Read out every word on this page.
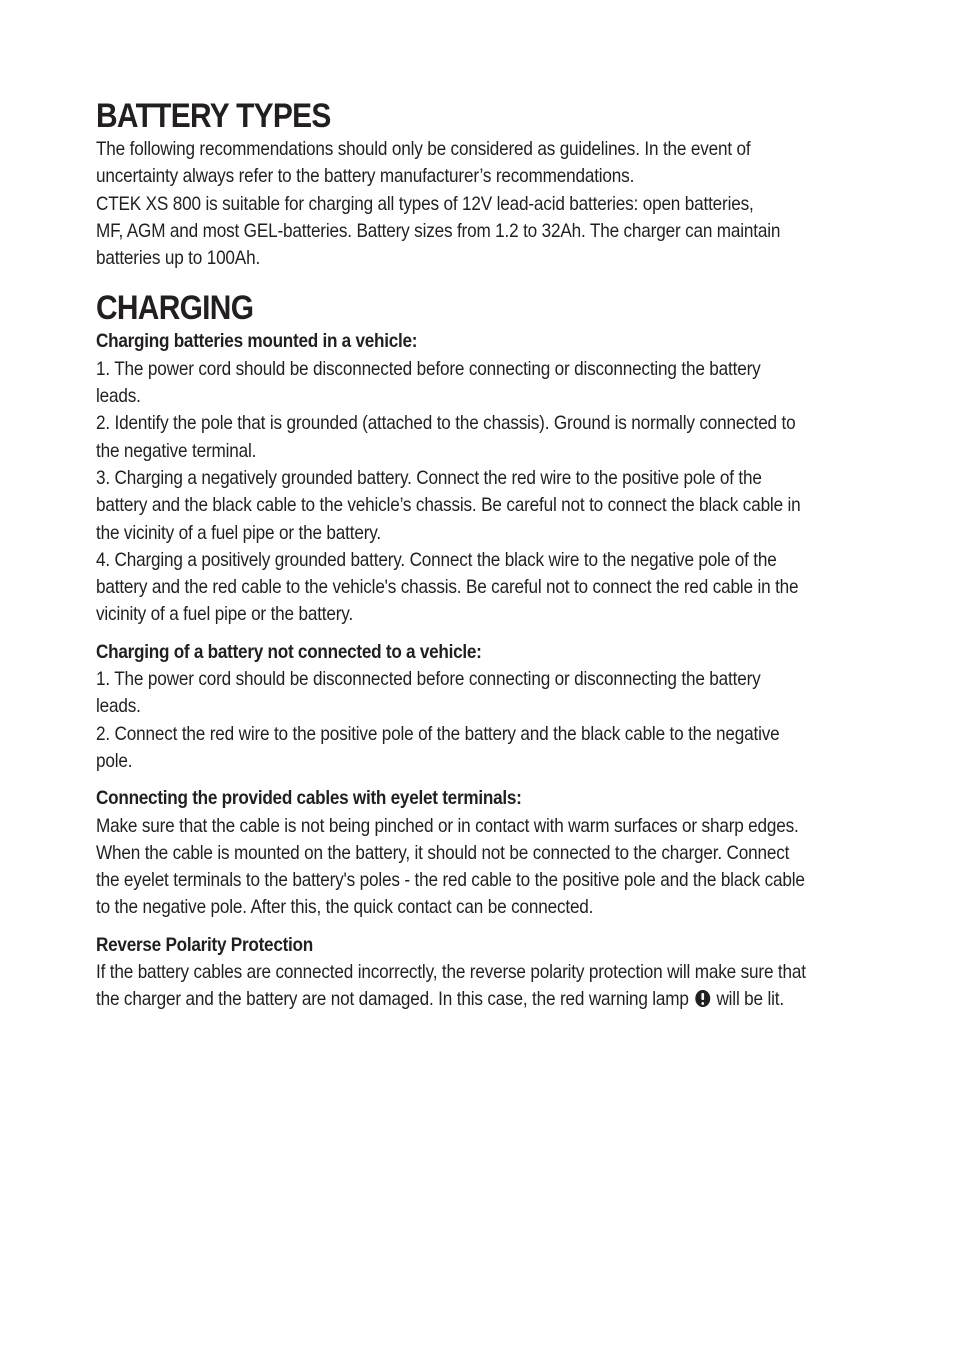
BATTERY TYPES
The following recommendations should only be considered as guidelines. In the event of
uncertainty always refer to the battery manufacturer’s recommendations.
CTEK XS 800 is suitable for charging all types of 12V lead-acid batteries: open batteries,
MF, AGM and most GEL-batteries. Battery sizes from 1.2 to 32Ah. The charger can maintain
batteries up to 100Ah.
CHARGING
Charging batteries mounted in a vehicle:
1. The power cord should be disconnected before connecting or disconnecting the battery
leads.
2. Identify the pole that is grounded (attached to the chassis). Ground is normally connected to
the negative terminal.
3. Charging a negatively grounded battery. Connect the red wire to the positive pole of the
battery and the black cable to the vehicle’s chassis. Be careful not to connect the black cable in
the vicinity of a fuel pipe or the battery.
4. Charging a positively grounded battery. Connect the black wire to the negative pole of the
battery and the red cable to the vehicle's chassis. Be careful not to connect the red cable in the
vicinity of a fuel pipe or the battery.
Charging of a battery not connected to a vehicle:
1. The power cord should be disconnected before connecting or disconnecting the battery
leads.
2. Connect the red wire to the positive pole of the battery and the black cable to the negative
pole.
Connecting the provided cables with eyelet terminals:
Make sure that the cable is not being pinched or in contact with warm surfaces or sharp edges.
When the cable is mounted on the battery, it should not be connected to the charger. Connect
the eyelet terminals to the battery's poles - the red cable to the positive pole and the black cable
to the negative pole. After this, the quick contact can be connected.
Reverse Polarity Protection
If the battery cables are connected incorrectly, the reverse polarity protection will make sure that
the charger and the battery are not damaged. In this case, the red warning lamp  will be lit.
